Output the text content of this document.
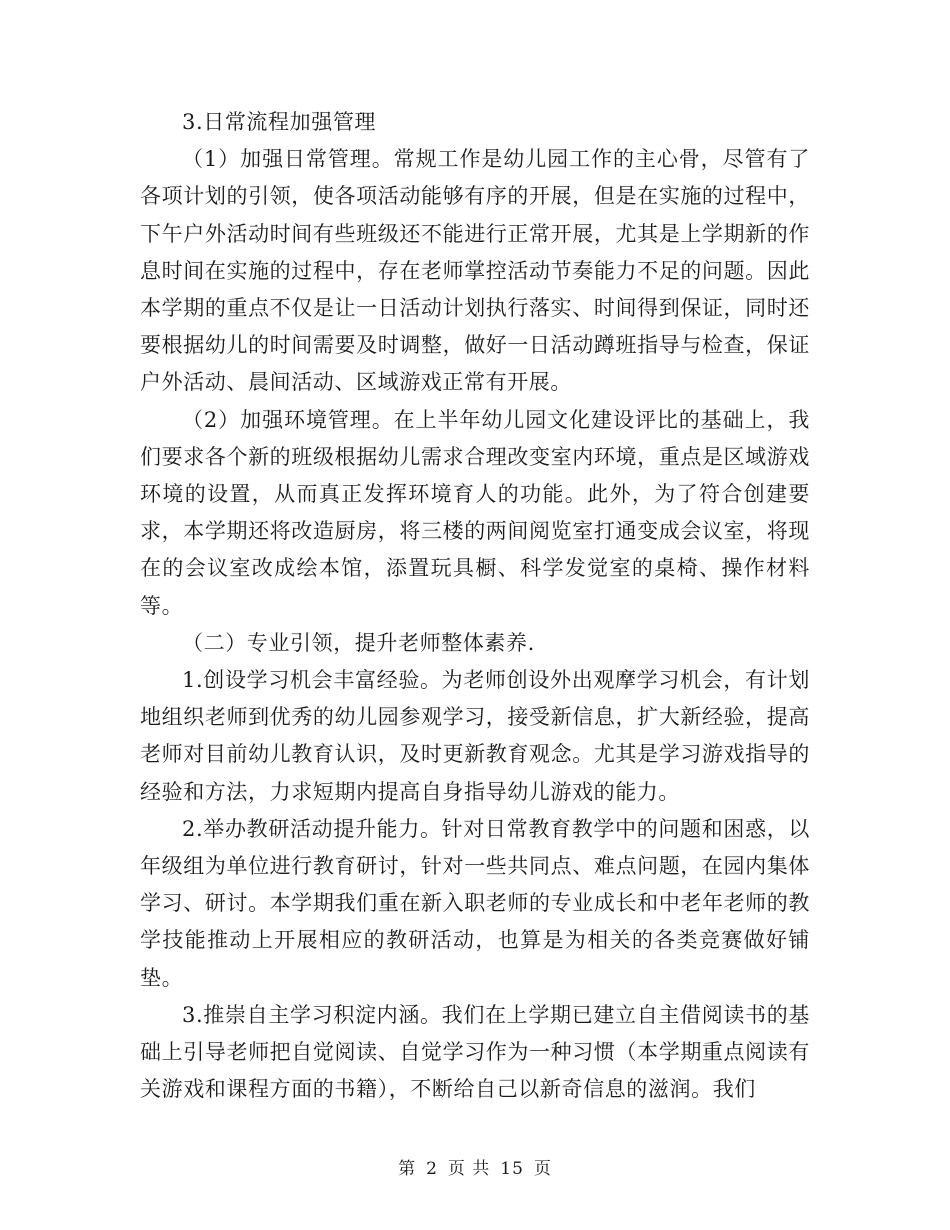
3.日常流程加强管理

（1）加强日常管理。常规工作是幼儿园工作的主心骨，尽管有了各项计划的引领，使各项活动能够有序的开展，但是在实施的过程中，下午户外活动时间有些班级还不能进行正常开展，尤其是上学期新的作息时间在实施的过程中，存在老师掌控活动节奏能力不足的问题。因此本学期的重点不仅是让一日活动计划执行落实、时间得到保证，同时还要根据幼儿的时间需要及时调整，做好一日活动蹲班指导与检查，保证户外活动、晨间活动、区域游戏正常有开展。

（2）加强环境管理。在上半年幼儿园文化建设评比的基础上，我们要求各个新的班级根据幼儿需求合理改变室内环境，重点是区域游戏环境的设置，从而真正发挥环境育人的功能。此外，为了符合创建要求，本学期还将改造厨房，将三楼的两间阅览室打通变成会议室，将现在的会议室改成绘本馆，添置玩具橱、科学发觉室的桌椅、操作材料等。

（二）专业引领，提升老师整体素养.

1.创设学习机会丰富经验。为老师创设外出观摩学习机会，有计划地组织老师到优秀的幼儿园参观学习，接受新信息，扩大新经验，提高老师对目前幼儿教育认识，及时更新教育观念。尤其是学习游戏指导的经验和方法，力求短期内提高自身指导幼儿游戏的能力。

2.举办教研活动提升能力。针对日常教育教学中的问题和困惑，以年级组为单位进行教育研讨，针对一些共同点、难点问题，在园内集体学习、研讨。本学期我们重在新入职老师的专业成长和中老年老师的教学技能推动上开展相应的教研活动，也算是为相关的各类竞赛做好铺垫。

3.推崇自主学习积淀内涵。我们在上学期已建立自主借阅读书的基础上引导老师把自觉阅读、自觉学习作为一种习惯（本学期重点阅读有关游戏和课程方面的书籍），不断给自己以新奇信息的滋润。我们

第 2 页 共 15 页
